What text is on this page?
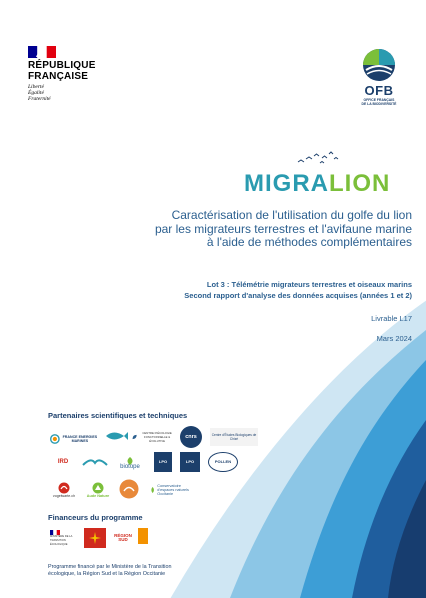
RÉPUBLIQUE
FRANÇAISE
Liberté
Égalité
Fraternité
OFB
OFFICE FRANÇAIS
DE LA BIODIVERSITÉ
MIGRALION
Caractérisation de l'utilisation du golfe du lion
par les migrateurs terrestres et l'avifaune marine
à l'aide de méthodes complémentaires
Lot 3 : Télémétrie migrateurs terrestres et oiseaux marins
Second rapport d'analyse des données acquises (années 1 et 2)
Livrable L17
Mars 2024
Partenaires scientifiques et techniques
FRANCE ENERGIES MARINES
CENTRE D'ÉCOLOGIE FONCTIONNELLE & ÉVOLUTIVE
cnrs	Centre d'Études Biologiques de Chizé
IRD
biotope
LPO	LPO	POLLEN
vogelwarte.ch	Aude Nature
Conservatoire d'espaces naturels Occitanie
Financeurs du programme
MINISTÈRE DE LA TRANSITION ÉCOLOGIQUE
RÉGION SUD
Programme financé par le Ministère de la Transition
écologique, la Région Sud et la Région Occitanie
